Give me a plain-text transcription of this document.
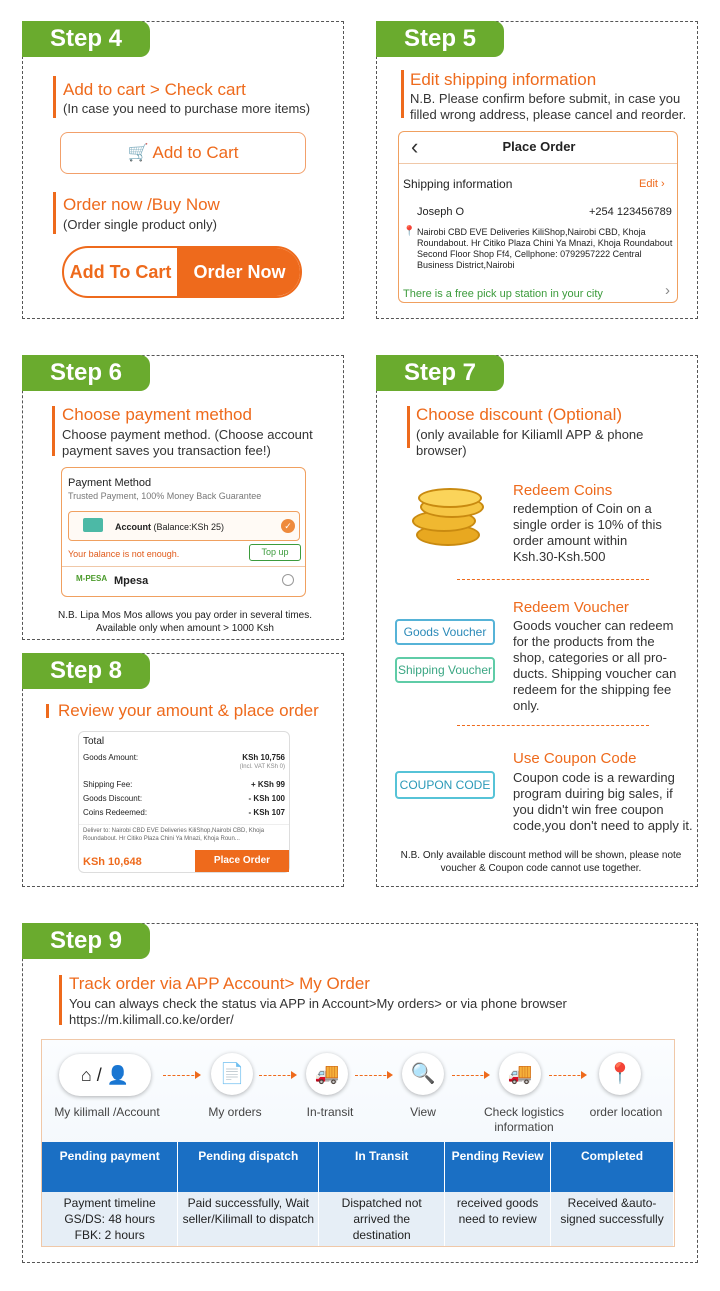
Step 4
Add to cart > Check cart
(In case you need to purchase more items)
🛒 Add to Cart
Order now /Buy Now
(Order single product only)
Add To Cart	Order Now
Step 5
Edit shipping information
N.B. Please confirm before submit, in case you filled wrong address, please cancel and reorder.
‹	Place Order
Shipping information	Edit ›
Joseph O	+254 123456789
📍 Nairobi CBD EVE Deliveries KiliShop,Nairobi CBD, Khoja Roundabout. Hr Citiko Plaza Chini Ya Mnazi, Khoja Roundabout Second Floor Shop Ff4, Cellphone: 0792957222 Central Business District,Nairobi
There is a free pick up station in your city	›
Step 6
Choose payment method
Choose payment method. (Choose account payment saves you transaction fee!)
Payment Method
Trusted Payment, 100% Money Back Guarantee
Account (Balance:KSh 25)	✓
Your balance is not enough.	Top up
M-PESA Mpesa
N.B. Lipa Mos Mos allows you pay order in several times. Available only when amount > 1000 Ksh
Step 8
Review your amount & place order
Total
Goods Amount:	KSh 10,756
(Incl. VAT KSh 0)
Shipping Fee:	+ KSh 99
Goods Discount:	- KSh 100
Coins Redeemed:	- KSh 107
Deliver to: Nairobi CBD EVE Deliveries KiliShop,Nairobi CBD, Khoja Roundabout. Hr Citiko Plaza Chini Ya Mnazi, Khoja Roun...
KSh 10,648	Place Order
Step 7
Choose discount (Optional)
(only available for Kiliamll APP & phone browser)
Redeem Coins
redemption of Coin on a single order is 10% of this order amount within Ksh.30-Ksh.500
Redeem Voucher
Goods Voucher
Shipping Voucher
Goods voucher can redeem for the products from the shop, categories or all pro-ducts. Shipping voucher can redeem for the shipping fee only.
Use Coupon Code
COUPON CODE	Coupon code is a rewarding program duiring big sales, if you didn't win free coupon code,you don't need to apply it.
N.B. Only available discount method will be shown, please note voucher & Coupon code cannot use together.
Step 9
Track order via APP Account> My Order
You can always check the status via APP in Account>My orders> or via phone browser https://m.kilimall.co.ke/order/
⌂ / 👤
My kilimall /Account
📄
My orders
🚚
In-transit
🔍
View
🚚
Check logistics information
📍
order location
Pending payment	Pending dispatch	In Transit	Pending Review	Completed
Payment timeline GS/DS: 48 hours FBK: 2 hours	Paid successfully, Wait seller/Kilimall to dispatch	Dispatched not arrived the destination	received goods need to review	Received &auto-signed successfully
